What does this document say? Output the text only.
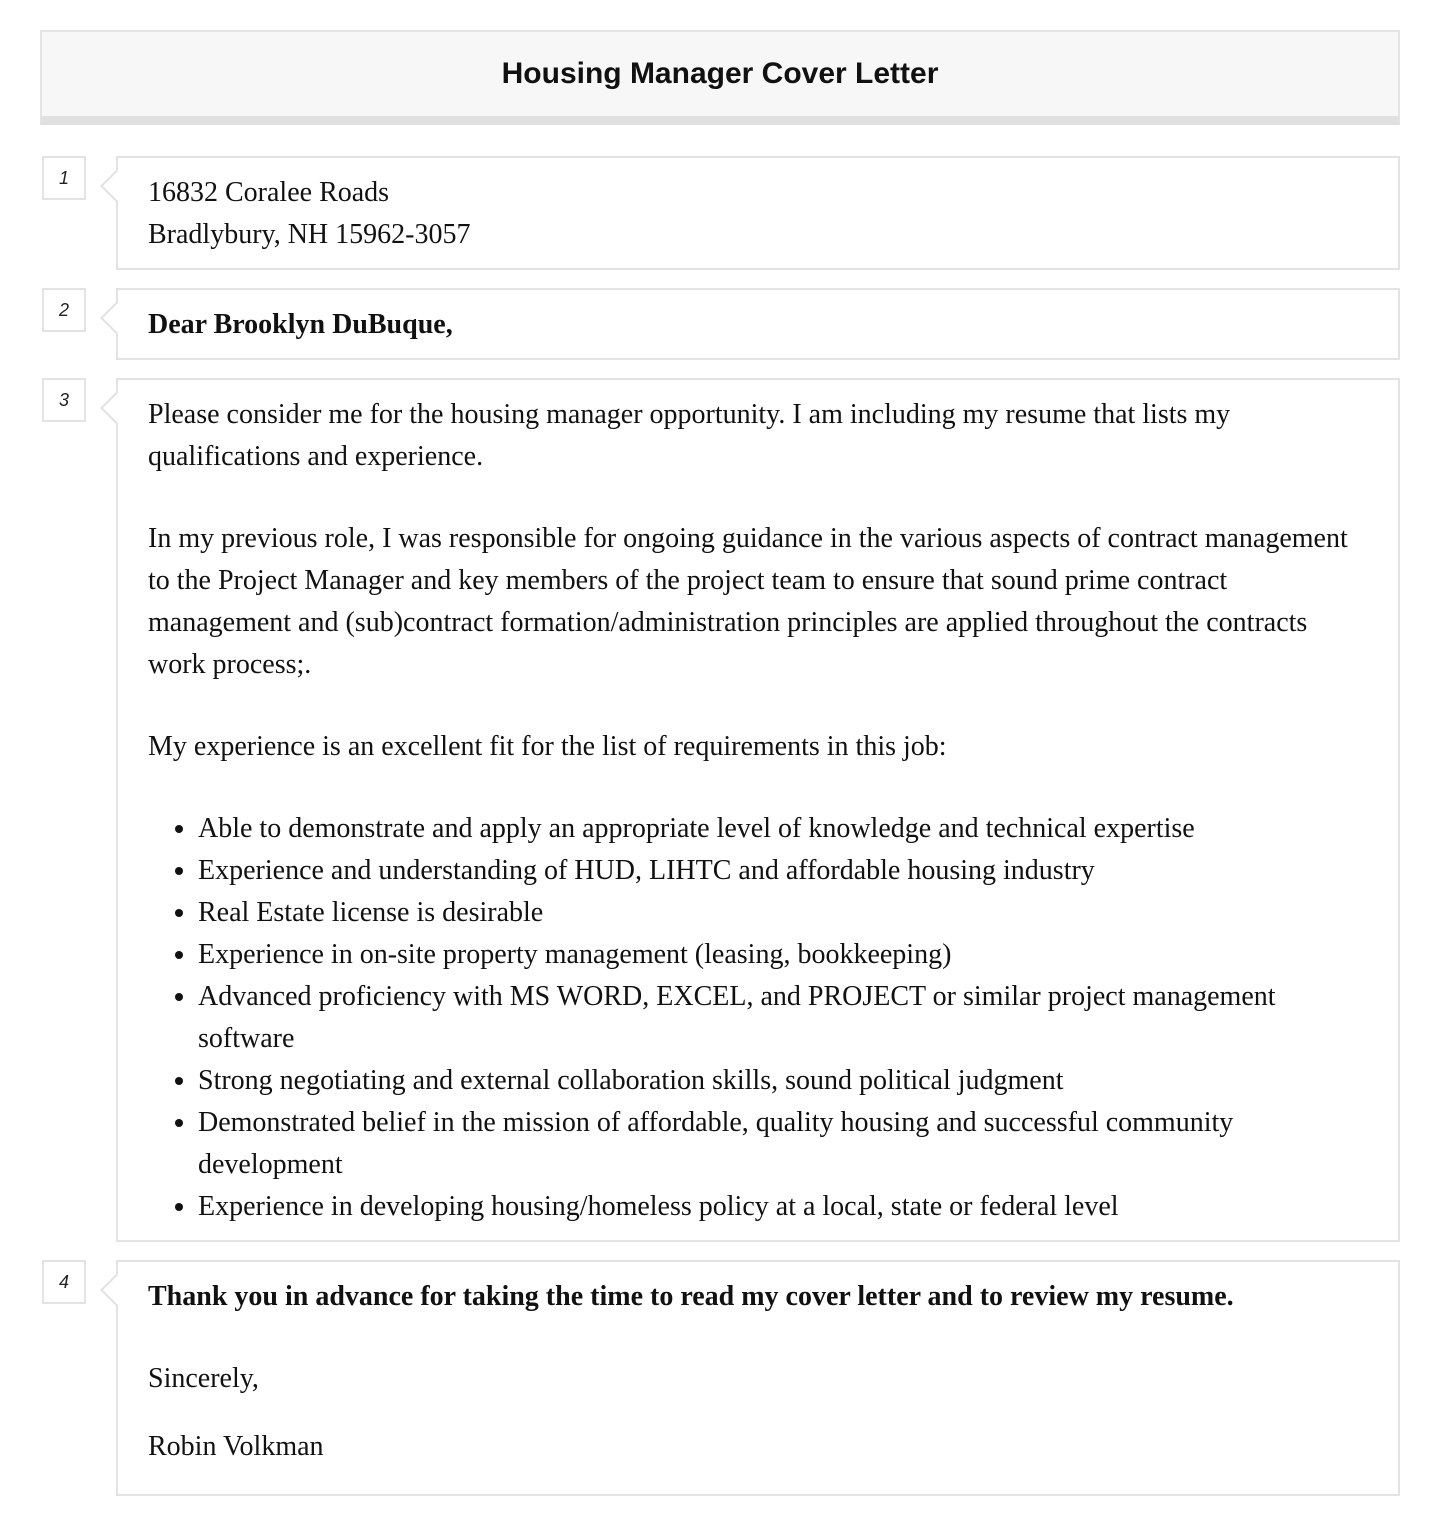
Housing Manager Cover Letter
1	16832 Coralee Roads

Bradlybury, NH 15962-3057

2	Dear Brooklyn DuBuque,

3	Please consider me for the housing manager opportunity. I am including my resume that lists my qualifications and experience.

In my previous role, I was responsible for ongoing guidance in the various aspects of contract management to the Project Manager and key members of the project team to ensure that sound prime contract management and (sub)contract formation/administration principles are applied throughout the contracts work process;.

My experience is an excellent fit for the list of requirements in this job:

• Able to demonstrate and apply an appropriate level of knowledge and technical expertise
• Experience and understanding of HUD, LIHTC and affordable housing industry
• Real Estate license is desirable
• Experience in on-site property management (leasing, bookkeeping)
• Advanced proficiency with MS WORD, EXCEL, and PROJECT or similar project management software
• Strong negotiating and external collaboration skills, sound political judgment
• Demonstrated belief in the mission of affordable, quality housing and successful community development
• Experience in developing housing/homeless policy at a local, state or federal level
4	Thank you in advance for taking the time to read my cover letter and to review my resume.

Sincerely,

Robin Volkman
